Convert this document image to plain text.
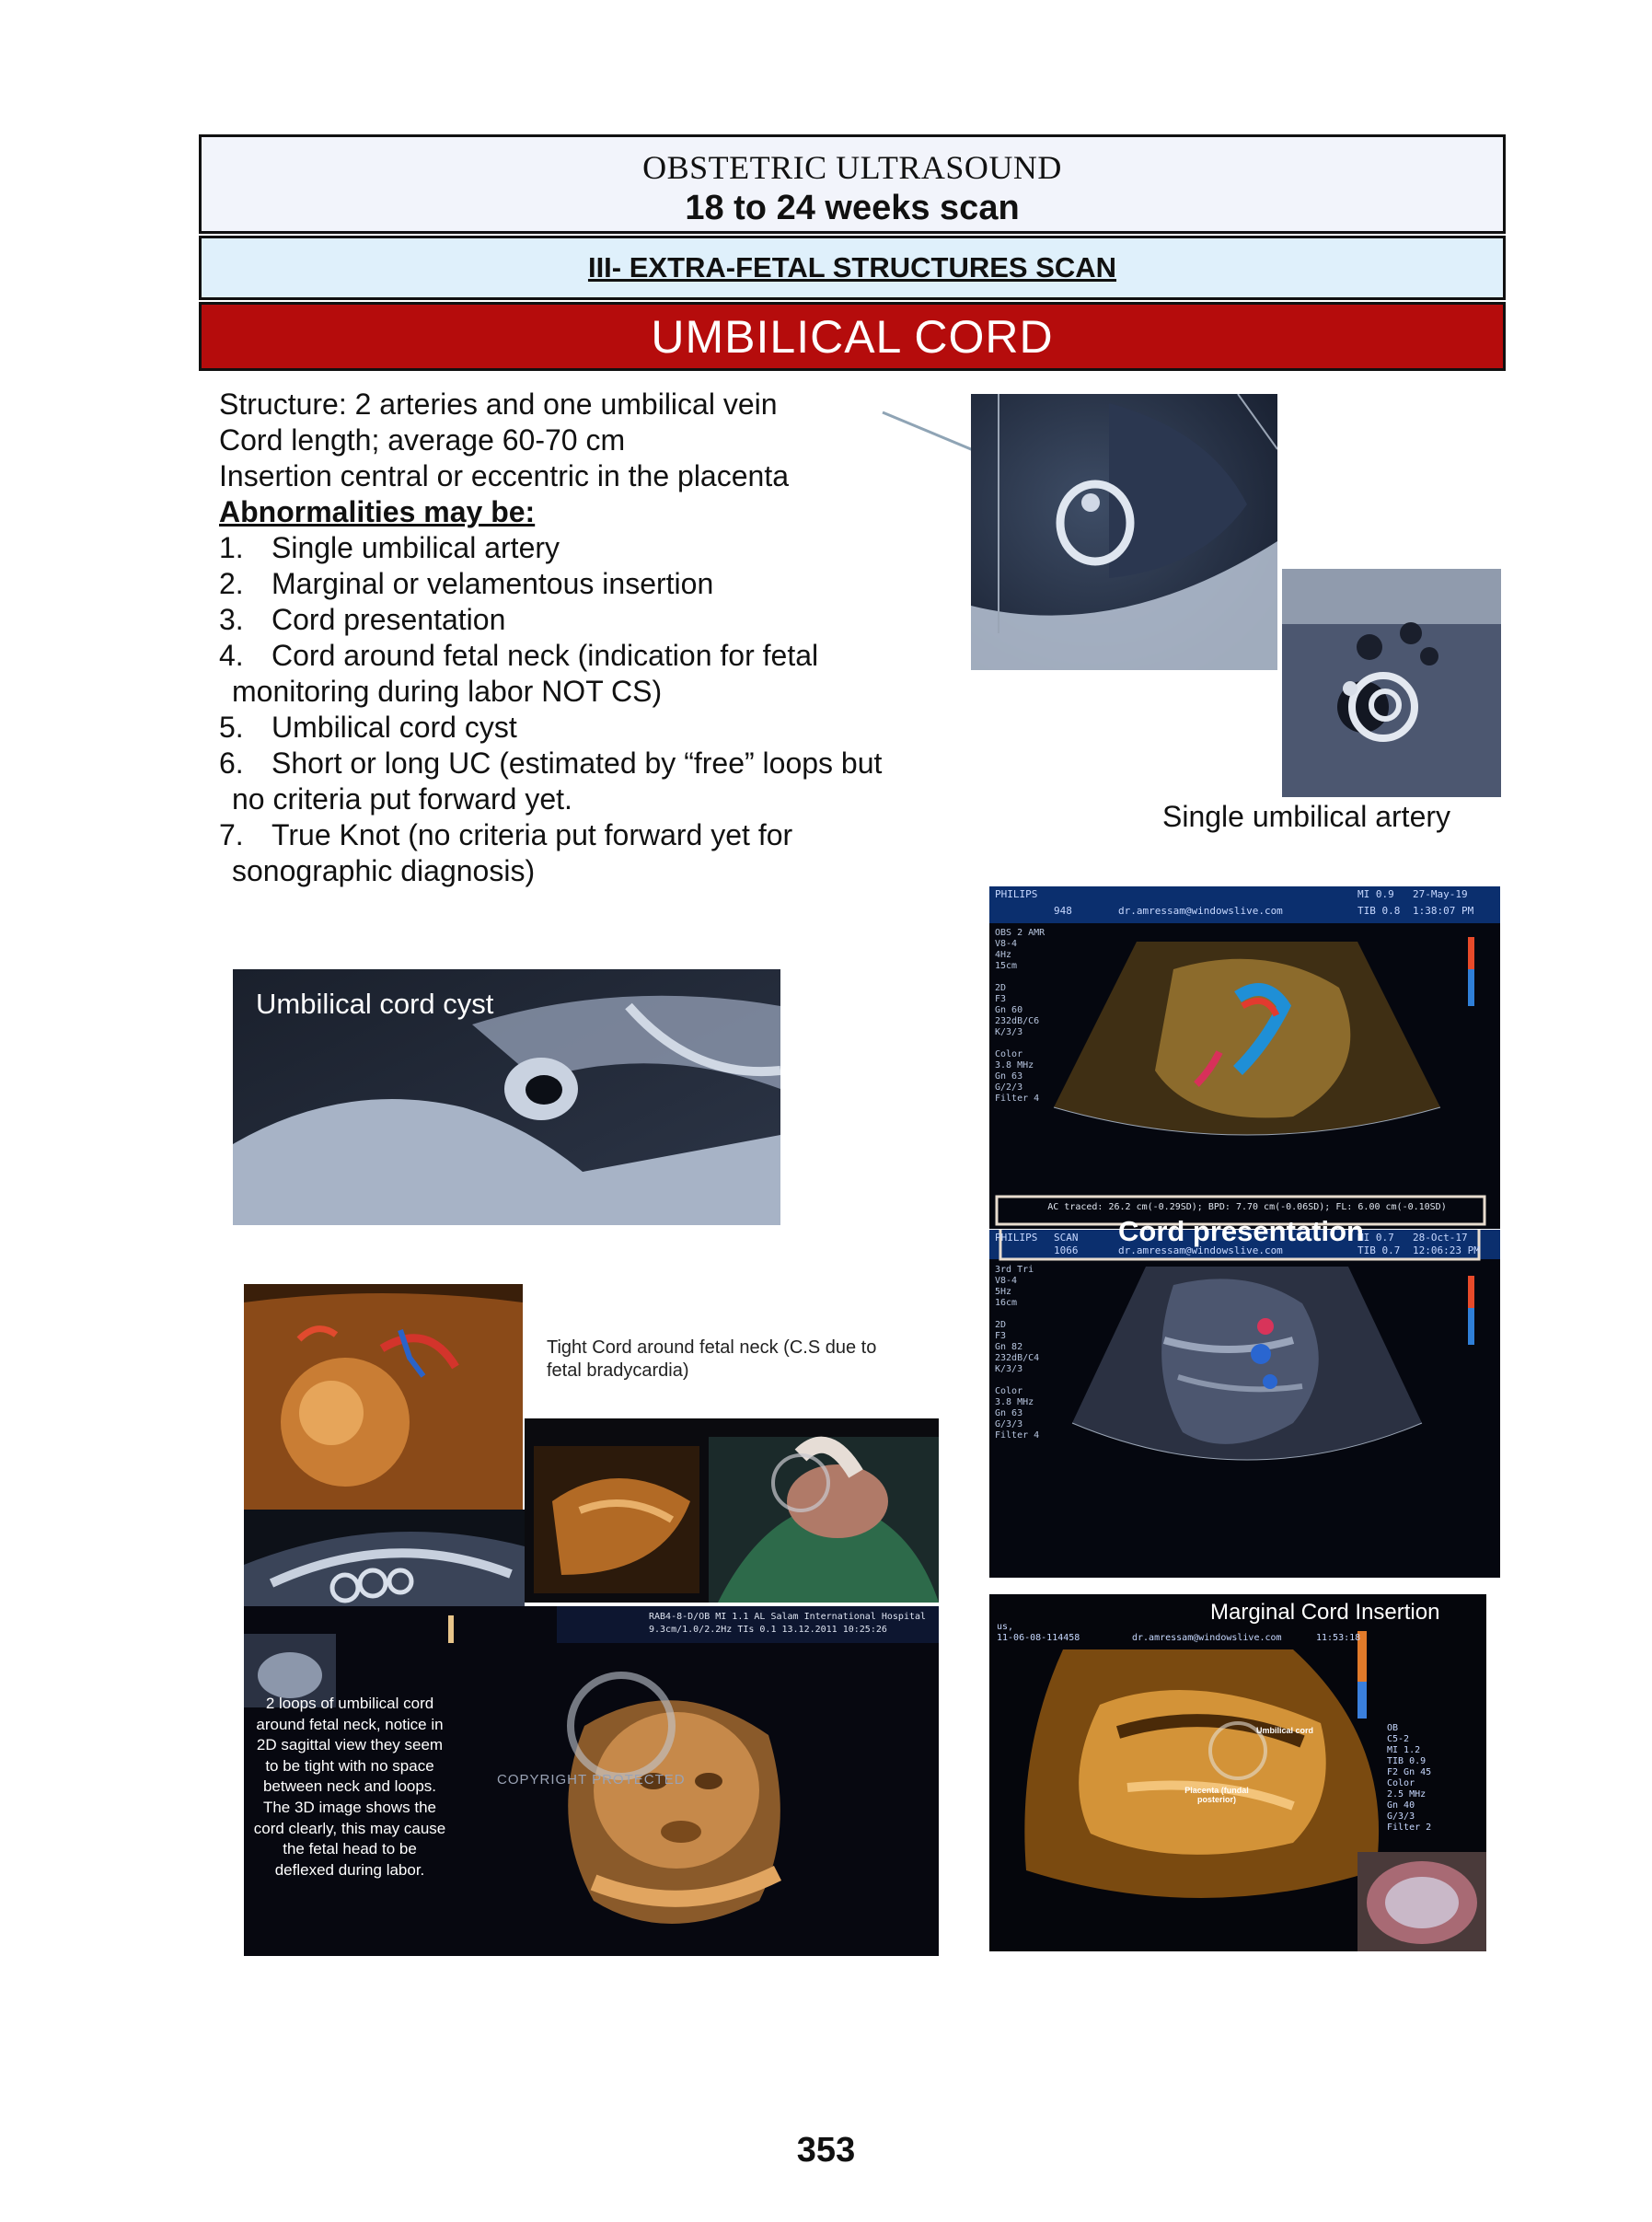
OBSTETRIC ULTRASOUND
18 to 24 weeks scan
III- EXTRA-FETAL STRUCTURES SCAN
UMBILICAL CORD
Structure: 2 arteries and one umbilical vein
Cord length; average 60-70 cm
Insertion central or eccentric in the placenta
Abnormalities may be:
1. Single umbilical artery
2. Marginal or velamentous insertion
3. Cord presentation
4. Cord around fetal neck (indication for fetal
monitoring during labor NOT CS)
5. Umbilical cord cyst
6. Short or long UC (estimated by “free” loops but
no criteria put forward yet.
7. True Knot (no criteria put forward yet for
sonographic diagnosis)
Single umbilical artery
PHILIPS
948	dr.amressam@windowslive.com
MI 0.9
TIB 0.8
27-May-19
1:38:07 PM
OBS 2 AMR
V8-4
4Hz
15cm

2D
F3
Gn 60
232dB/C6
K/3/3

Color
3.8 MHz
Gn 63
G/2/3
Filter 4
AC traced: 26.2 cm(-0.29SD); BPD: 7.70 cm(-0.06SD); FL: 6.00 cm(-0.10SD)
PHILIPS SCAN
1066	dr.amressam@windowslive.com
MI 0.7
TIB 0.7
28-Oct-17
12:06:23 PM
3rd Tri
V8-4
5Hz
16cm

2D
F3
Gn 82
232dB/C4
K/3/3

Color
3.8 MHz
Gn 63
G/3/3
Filter 4
Cord presentation
Umbilical cord cyst
Tight Cord around fetal neck (C.S due to fetal bradycardia)
RAB4-8-D/OB MI 1.1 AL Salam International Hospital
9.3cm/1.0/2.2Hz TIs 0.1 13.12.2011 10:25:26
COPYRIGHT PROTECTED
2 loops of umbilical cord around fetal neck, notice in 2D sagittal view they seem to be tight with no space between neck and loops. The 3D image shows the cord clearly, this may cause the fetal head to be deflexed during labor.
Marginal Cord Insertion
us,
11-06-08-114458	dr.amressam@windowslive.com	11:53:18
Umbilical cord
Placenta (fundal posterior)
OB
C5-2
MI 1.2
TIB 0.9
F2 Gn 45
Color
2.5 MHz
Gn 40
G/3/3
Filter 2
353
